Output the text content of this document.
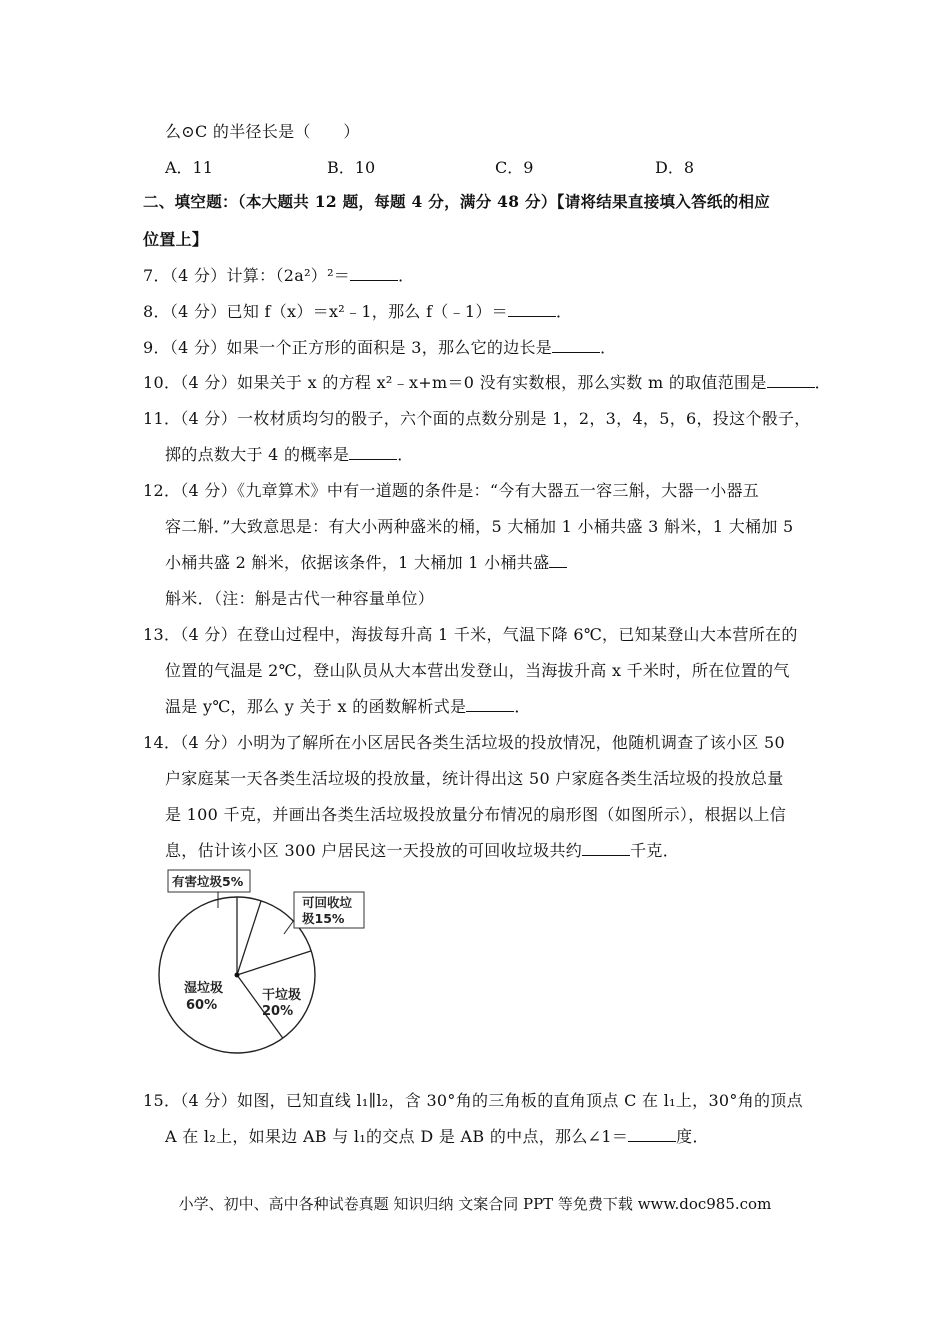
么⊙C 的半径长是（　　）
A．11	B．10	C．9	D．8
二、填空题：（本大题共 12 题，每题 4 分，满分 48 分）【请将结果直接填入答纸的相应
位置上】
7．（4 分）计算：（2a²）²＝	．
8．（4 分）已知 f（x）＝x²﹣1，那么 f（﹣1）＝	．
9．（4 分）如果一个正方形的面积是 3，那么它的边长是	．
10．（4 分）如果关于 x 的方程 x²﹣x+m＝0 没有实数根，那么实数 m 的取值范围是	．
11．（4 分）一枚材质均匀的骰子，六个面的点数分别是 1，2，3，4，5，6，投这个骰子，
掷的点数大于 4 的概率是	．
12．（4 分）《九章算术》中有一道题的条件是：“今有大器五一容三斛，大器一小器五
容二斛．”大致意思是：有大小两种盛米的桶，5 大桶加 1 小桶共盛 3 斛米，1 大桶加 5
小桶共盛 2 斛米，依据该条件，1 大桶加 1 小桶共盛
斛米．（注：斛是古代一种容量单位）
13．（4 分）在登山过程中，海拔每升高 1 千米，气温下降 6℃，已知某登山大本营所在的
位置的气温是 2℃，登山队员从大本营出发登山，当海拔升高 x 千米时，所在位置的气
温是 y℃，那么 y 关于 x 的函数解析式是	．
14．（4 分）小明为了解所在小区居民各类生活垃圾的投放情况，他随机调查了该小区 50
户家庭某一天各类生活垃圾的投放量，统计得出这 50 户家庭各类生活垃圾的投放总量
是 100 千克，并画出各类生活垃圾投放量分布情况的扇形图（如图所示），根据以上信
息，估计该小区 300 户居民这一天投放的可回收垃圾共约	千克．
有害垃圾5%
可回收垃
圾15%
湿垃圾
60%
干垃圾
20%
15．（4 分）如图，已知直线 l₁∥l₂，含 30°角的三角板的直角顶点 C 在 l₁上，30°角的顶点
A 在 l₂上，如果边 AB 与 l₁的交点 D 是 AB 的中点，那么∠1＝	度．
小学、初中、高中各种试卷真题 知识归纳 文案合同 PPT 等免费下载 www.doc985.com
